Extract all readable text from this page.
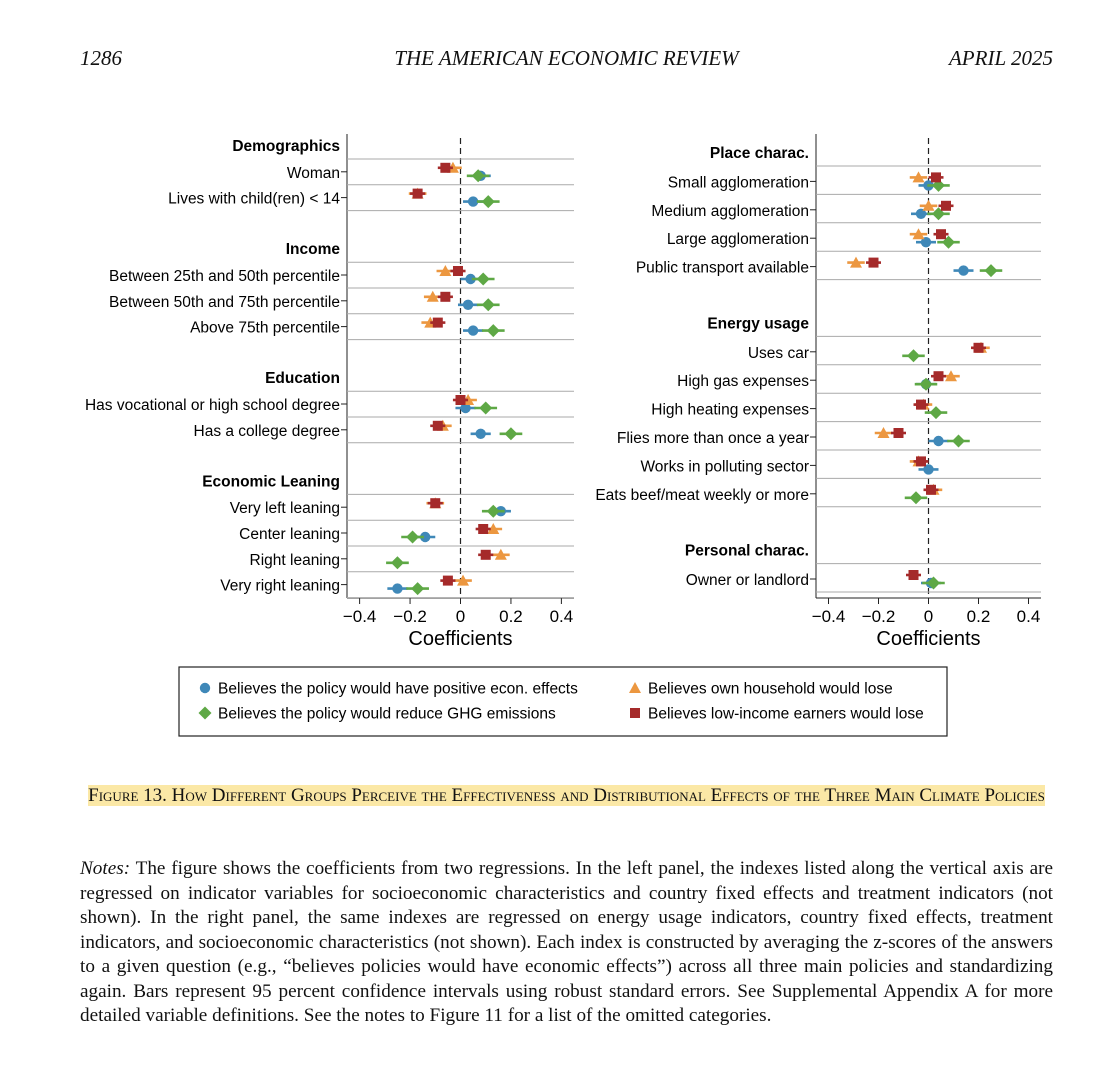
1286	THE AMERICAN ECONOMIC REVIEW	APRIL 2025
−0.4 −0.2 0 0.2 0.4
Coefficients
Demographics
Woman
Lives with child(ren) < 14
Income
Between 25th and 50th percentile
Between 50th and 75th percentile
Above 75th percentile
Education
Has vocational or high school degree
Has a college degree
Economic Leaning
Very left leaning
Center leaning
Right leaning
Very right leaning
−0.4 −0.2 0 0.2 0.4
Coefficients
Place charac.
Small agglomeration
Medium agglomeration
Large agglomeration
Public transport available
Energy usage
Uses car
High gas expenses
High heating expenses
Flies more than once a year
Works in polluting sector
Eats beef/meat weekly or more
Personal charac.
Owner or landlord
Believes the policy would have positive econ. effects
Believes the policy would reduce GHG emissions
Believes own household would lose
Believes low-income earners would lose
Figure 13. How Different Groups Perceive the Effectiveness and Distributional Effects of the Three Main Climate Policies
Notes: The figure shows the coefficients from two regressions. In the left panel, the indexes listed along the vertical axis are regressed on indicator variables for socioeconomic characteristics and country fixed effects and treatment indicators (not shown). In the right panel, the same indexes are regressed on energy usage indicators, country fixed effects, treatment indicators, and socioeconomic characteristics (not shown). Each index is constructed by averaging the z-scores of the answers to a given question (e.g., “believes policies would have economic effects”) across all three main policies and standardizing again. Bars represent 95 percent confidence intervals using robust standard errors. See Supplemental Appendix A for more detailed variable definitions. See the notes to Figure 11 for a list of the omitted categories.
